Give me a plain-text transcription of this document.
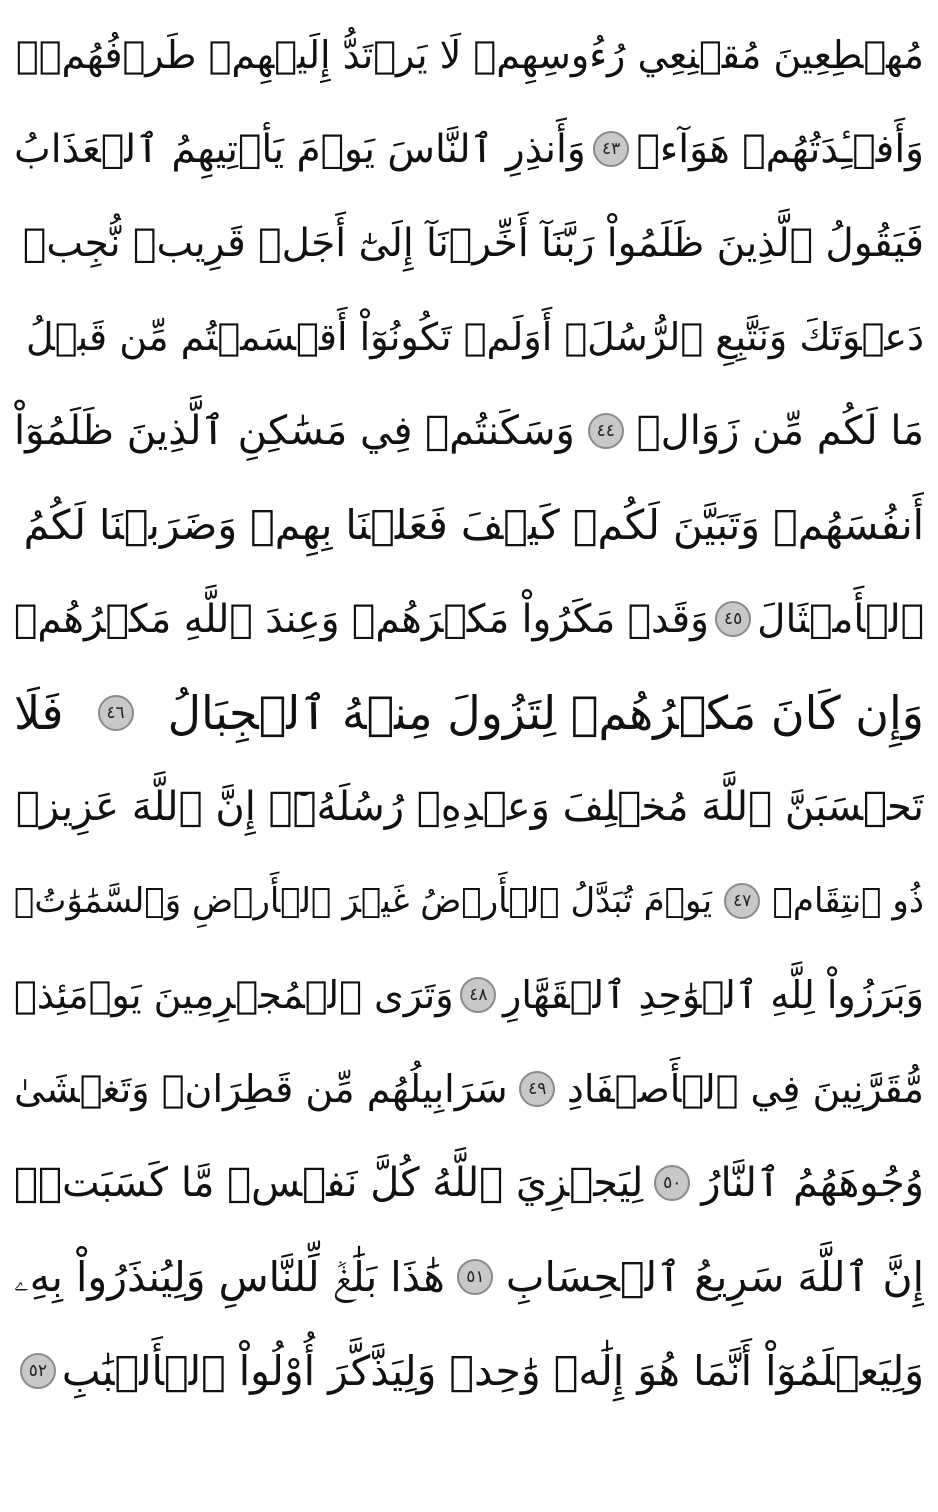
مُهۡطِعِينَ مُقۡنِعِي رُءُوسِهِمۡ لَا يَرۡتَدُّ إِلَيۡهِمۡ طَرۡفُهُمۡۖ
وَأَفۡـِٔدَتُهُمۡ هَوَآءٞ
٤٣
وَأَنذِرِ ٱلنَّاسَ يَوۡمَ يَأۡتِيهِمُ ٱلۡعَذَابُ
فَيَقُولُ ٱلَّذِينَ ظَلَمُواْ رَبَّنَآ أَخِّرۡنَآ إِلَىٰٓ أَجَلٖ قَرِيبٖ نُّجِبۡ
دَعۡوَتَكَ وَنَتَّبِعِ ٱلرُّسُلَۗ أَوَلَمۡ تَكُونُوٓاْ أَقۡسَمۡتُم مِّن قَبۡلُ
مَا لَكُم مِّن زَوَالٖ
٤٤
وَسَكَنتُمۡ فِي مَسَٰكِنِ ٱلَّذِينَ ظَلَمُوٓاْ
أَنفُسَهُمۡ وَتَبَيَّنَ لَكُمۡ كَيۡفَ فَعَلۡنَا بِهِمۡ وَضَرَبۡنَا لَكُمُ
ٱلۡأَمۡثَالَ
٤٥
وَقَدۡ مَكَرُواْ مَكۡرَهُمۡ وَعِندَ ٱللَّهِ مَكۡرُهُمۡ
وَإِن كَانَ مَكۡرُهُمۡ لِتَزُولَ مِنۡهُ ٱلۡجِبَالُ
٤٦
فَلَا
تَحۡسَبَنَّ ٱللَّهَ مُخۡلِفَ وَعۡدِهِۦ رُسُلَهُۥٓۚ إِنَّ ٱللَّهَ عَزِيزٞ
ذُو ٱنتِقَامٖ
٤٧
يَوۡمَ تُبَدَّلُ ٱلۡأَرۡضُ غَيۡرَ ٱلۡأَرۡضِ وَٱلسَّمَٰوَٰتُۖ
وَبَرَزُواْ لِلَّهِ ٱلۡوَٰحِدِ ٱلۡقَهَّارِ
٤٨
وَتَرَى ٱلۡمُجۡرِمِينَ يَوۡمَئِذٖ
مُّقَرَّنِينَ فِي ٱلۡأَصۡفَادِ
٤٩
سَرَابِيلُهُم مِّن قَطِرَانٖ وَتَغۡشَىٰ
وُجُوهَهُمُ ٱلنَّارُ
٥٠
لِيَجۡزِيَ ٱللَّهُ كُلَّ نَفۡسٖ مَّا كَسَبَتۡۚ
إِنَّ ٱللَّهَ سَرِيعُ ٱلۡحِسَابِ
٥١
هَٰذَا بَلَٰغٞ لِّلنَّاسِ وَلِيُنذَرُواْ بِهِۦ
وَلِيَعۡلَمُوٓاْ أَنَّمَا هُوَ إِلَٰهٞ وَٰحِدٞ وَلِيَذَّكَّرَ أُوْلُواْ ٱلۡأَلۡبَٰبِ
٥٢
